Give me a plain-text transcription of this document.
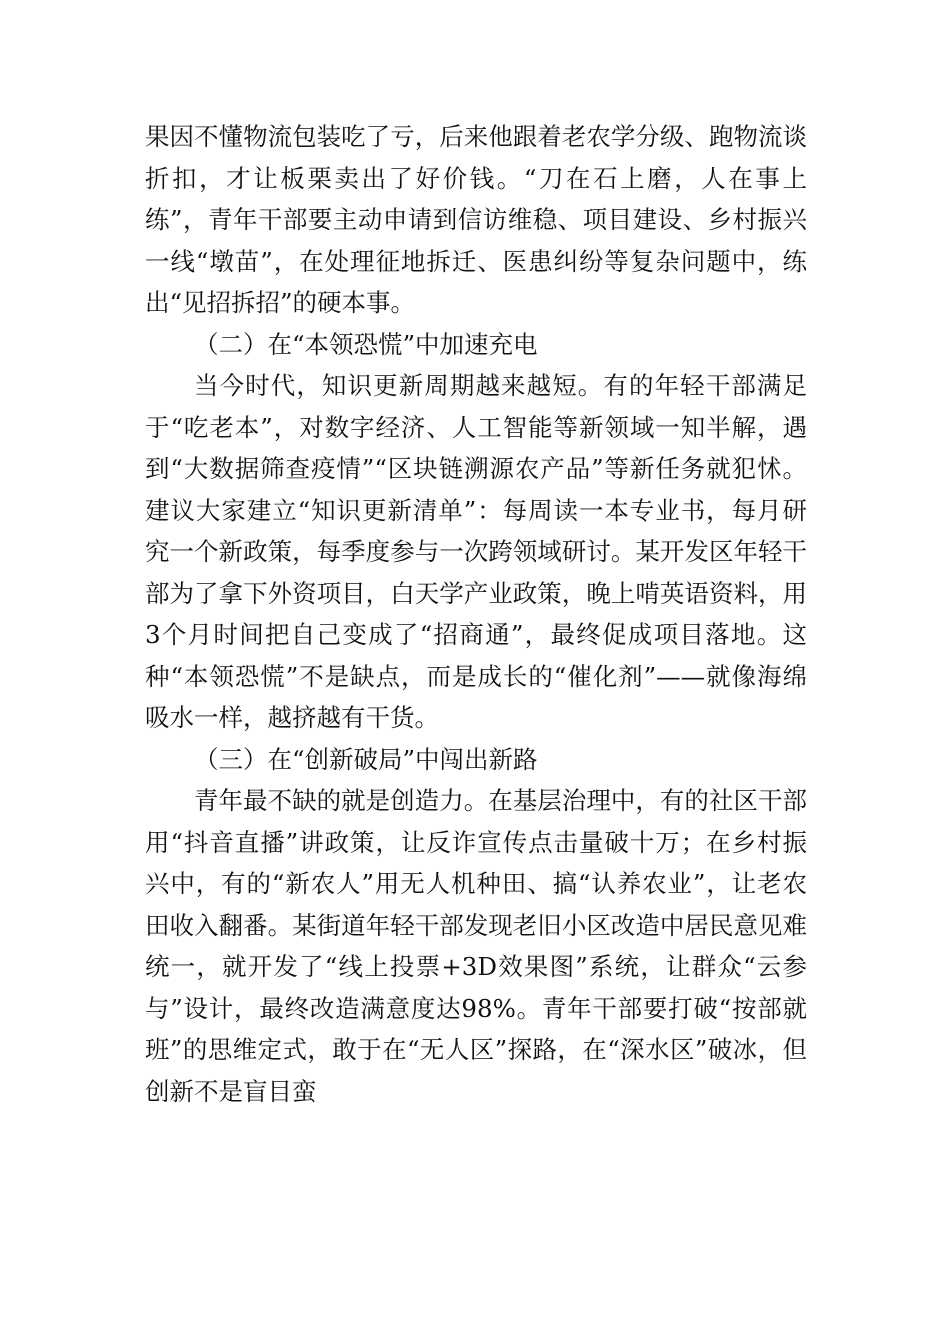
果因不懂物流包装吃了亏，后来他跟着老农学分级、跑物流谈折扣，才让板栗卖出了好价钱。“刀在石上磨，人在事上练”，青年干部要主动申请到信访维稳、项目建设、乡村振兴一线“墩苗”，在处理征地拆迁、医患纠纷等复杂问题中，练出“见招拆招”的硬本事。

（二）在“本领恐慌”中加速充电

当今时代，知识更新周期越来越短。有的年轻干部满足于“吃老本”，对数字经济、人工智能等新领域一知半解，遇到“大数据筛查疫情”“区块链溯源农产品”等新任务就犯怵。建议大家建立“知识更新清单”：每周读一本专业书，每月研究一个新政策，每季度参与一次跨领域研讨。某开发区年轻干部为了拿下外资项目，白天学产业政策，晚上啃英语资料，用3个月时间把自己变成了“招商通”，最终促成项目落地。这种“本领恐慌”不是缺点，而是成长的“催化剂”——就像海绵吸水一样，越挤越有干货。

（三）在“创新破局”中闯出新路

青年最不缺的就是创造力。在基层治理中，有的社区干部用“抖音直播”讲政策，让反诈宣传点击量破十万；在乡村振兴中，有的“新农人”用无人机种田、搞“认养农业”，让老农田收入翻番。某街道年轻干部发现老旧小区改造中居民意见难统一，就开发了“线上投票+3D效果图”系统，让群众“云参与”设计，最终改造满意度达98%。青年干部要打破“按部就班”的思维定式，敢于在“无人区”探路，在“深水区”破冰，但创新不是盲目蛮
